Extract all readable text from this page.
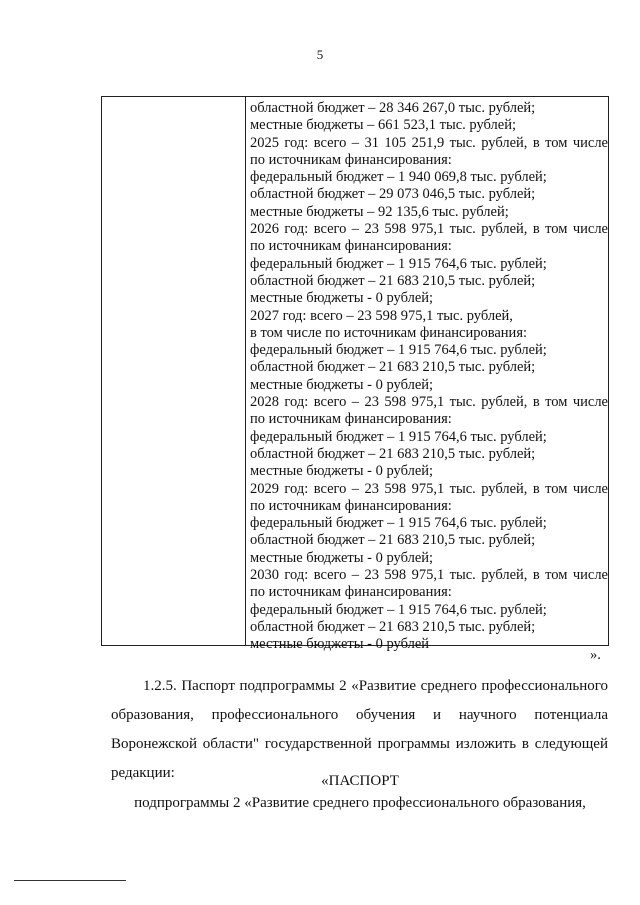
5
областной бюджет – 28 346 267,0 тыс. рублей;
местные бюджеты – 661 523,1 тыс. рублей;
2025 год: всего – 31 105 251,9 тыс. рублей, в том числе
по источникам финансирования:
федеральный бюджет – 1 940 069,8 тыс. рублей;
областной бюджет – 29 073 046,5 тыс. рублей;
местные бюджеты – 92 135,6 тыс. рублей;
2026 год: всего – 23 598 975,1 тыс. рублей, в том числе
по источникам финансирования:
федеральный бюджет – 1 915 764,6 тыс. рублей;
областной бюджет – 21 683 210,5 тыс. рублей;
местные бюджеты - 0 рублей;
2027 год: всего – 23 598 975,1 тыс. рублей,
в том числе по источникам финансирования:
федеральный бюджет – 1 915 764,6 тыс. рублей;
областной бюджет – 21 683 210,5 тыс. рублей;
местные бюджеты - 0 рублей;
2028 год: всего – 23 598 975,1 тыс. рублей, в том числе
по источникам финансирования:
федеральный бюджет – 1 915 764,6 тыс. рублей;
областной бюджет – 21 683 210,5 тыс. рублей;
местные бюджеты - 0 рублей;
2029 год: всего – 23 598 975,1 тыс. рублей, в том числе
по источникам финансирования:
федеральный бюджет – 1 915 764,6 тыс. рублей;
областной бюджет – 21 683 210,5 тыс. рублей;
местные бюджеты - 0 рублей;
2030 год: всего – 23 598 975,1 тыс. рублей, в том числе
по источникам финансирования:
федеральный бюджет – 1 915 764,6 тыс. рублей;
областной бюджет – 21 683 210,5 тыс. рублей;
местные бюджеты - 0 рублей
».
1.2.5. Паспорт подпрограммы 2 «Развитие среднего профессионального
образования, профессионального обучения и научного потенциала
Воронежской области" государственной программы изложить в следующей
редакции:	«ПАСПОРТ
подпрограммы 2 «Развитие среднего профессионального образования,
